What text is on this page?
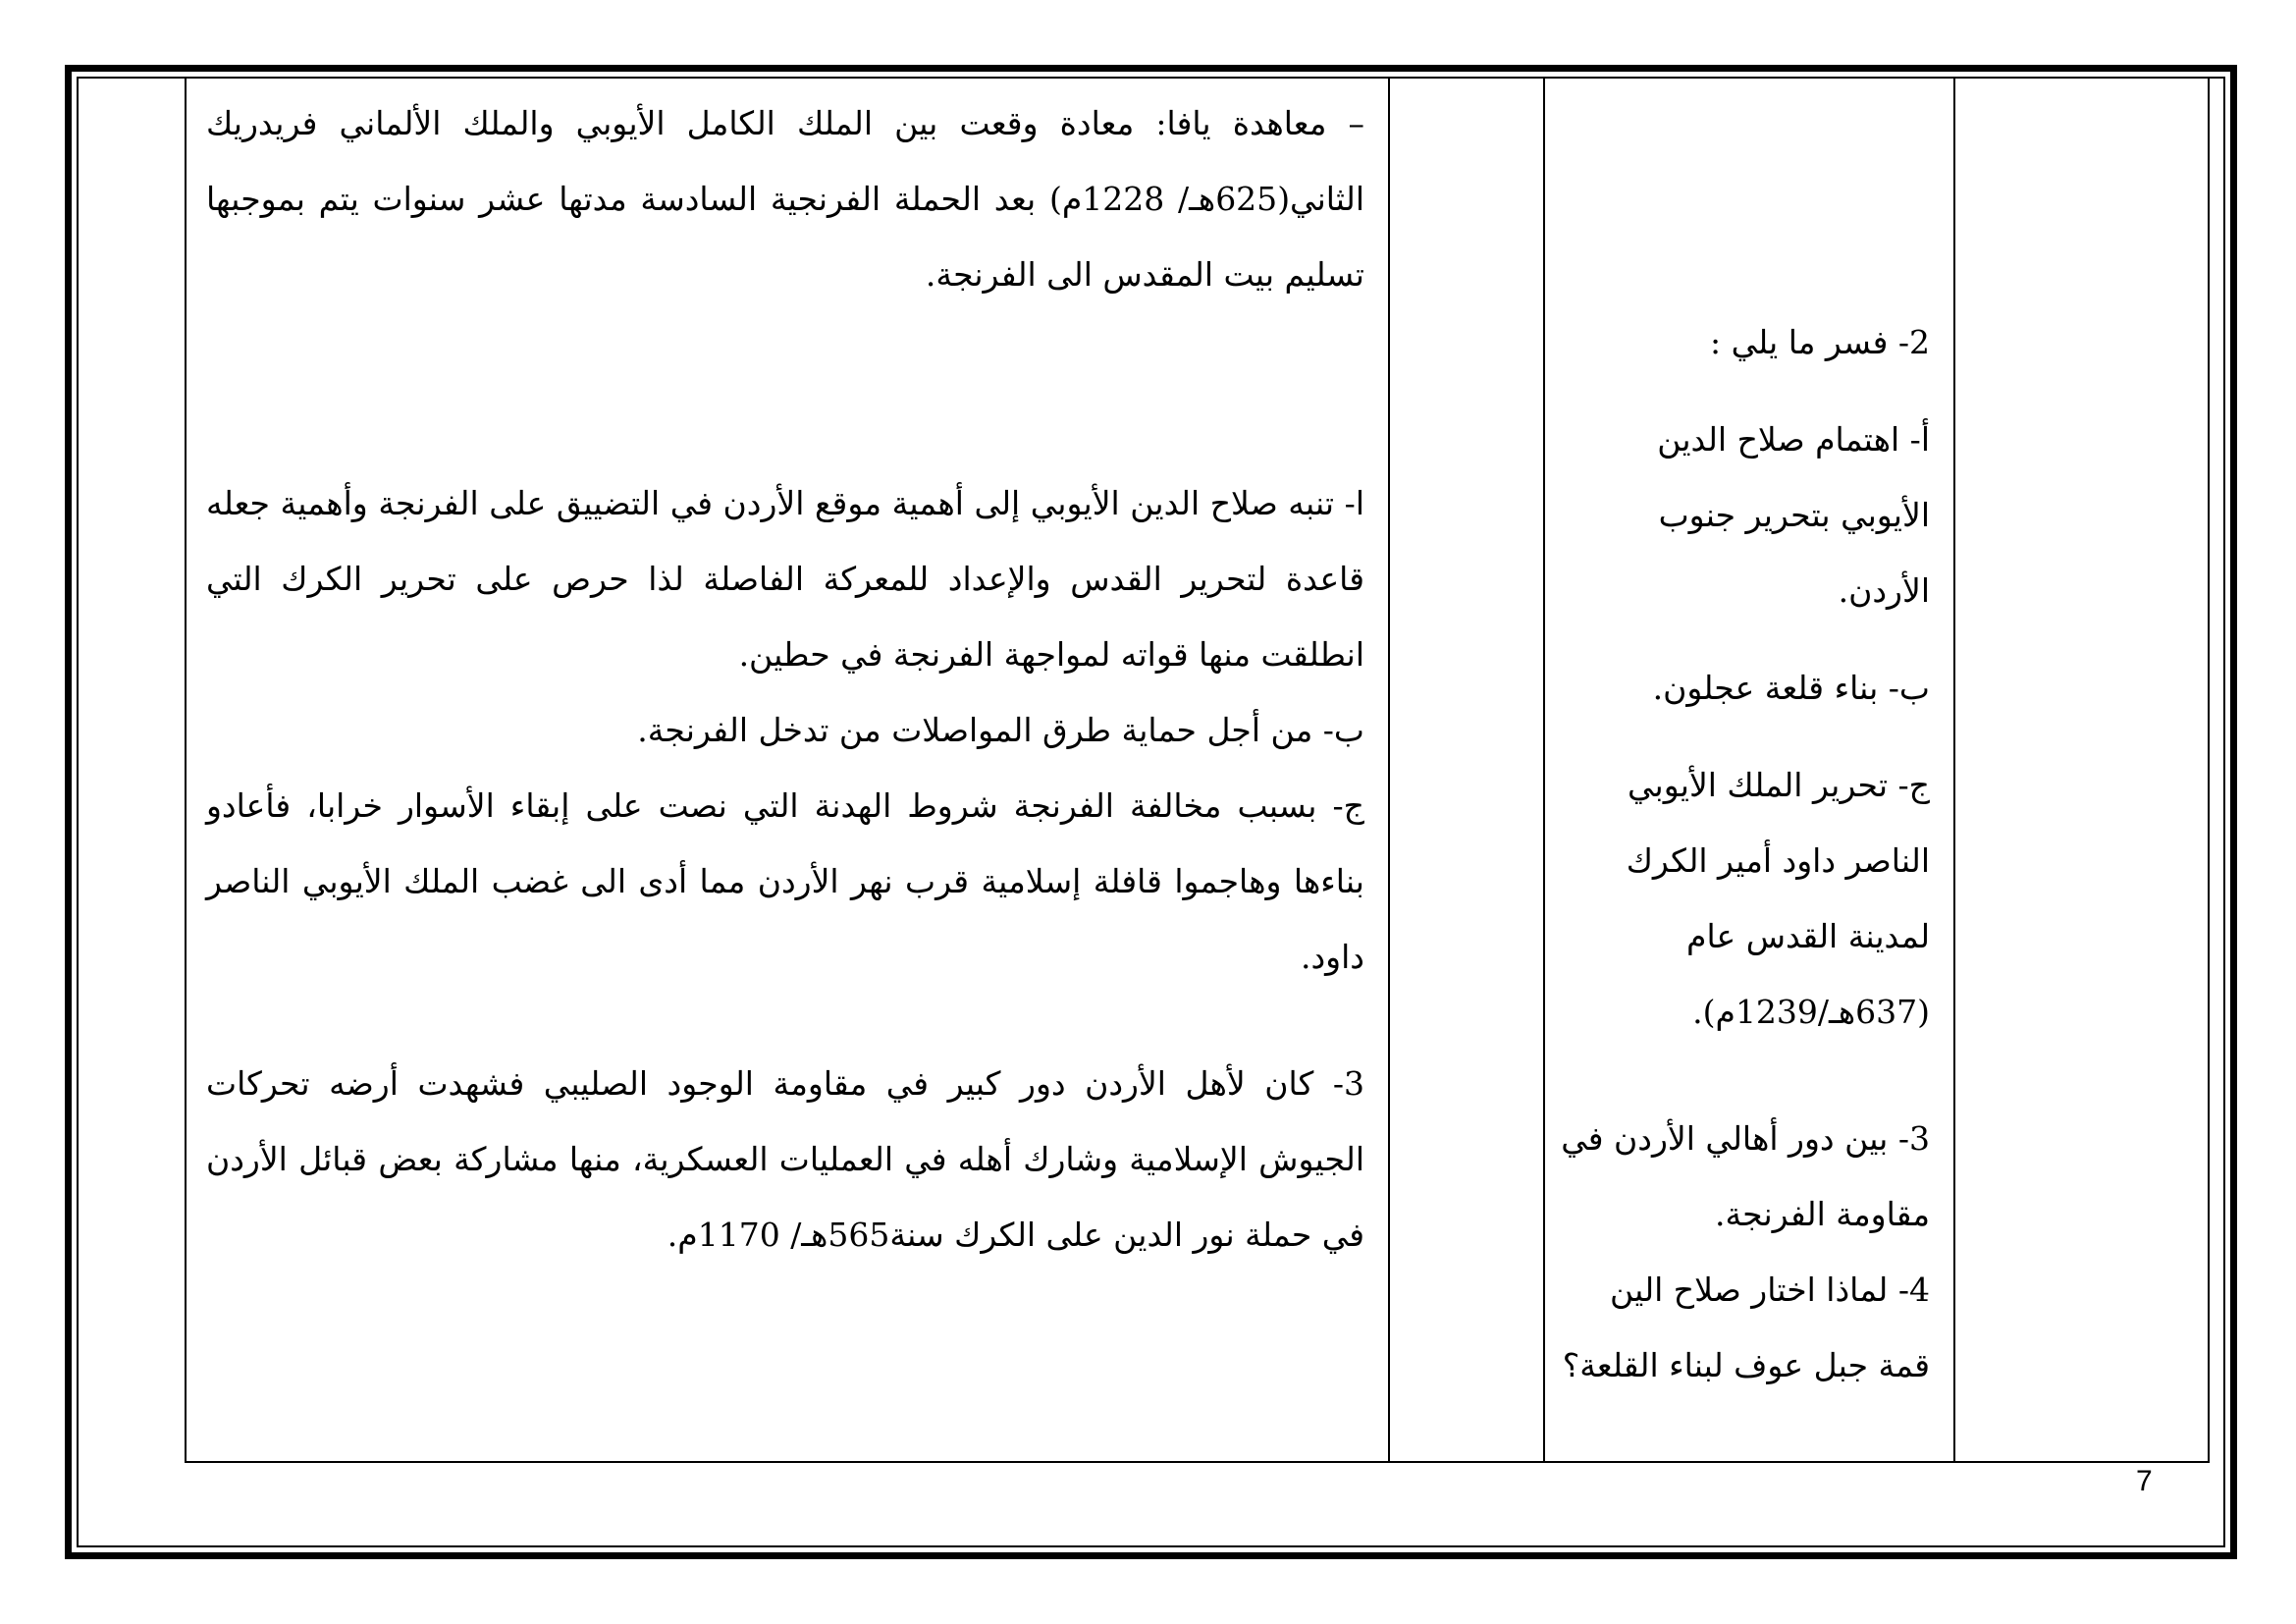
– معاهدة يافا: معادة وقعت بين الملك الكامل الأيوبي والملك الألماني فريدريك الثاني(625هـ/ 1228م) بعد الحملة الفرنجية السادسة مدتها عشر سنوات يتم بموجبها تسليم بيت المقدس الى الفرنجة.

ا- تنبه صلاح الدين الأيوبي إلى أهمية موقع الأردن في التضييق على الفرنجة وأهمية جعله قاعدة لتحرير القدس والإعداد للمعركة الفاصلة لذا حرص على تحرير الكرك التي انطلقت منها قواته لمواجهة الفرنجة في حطين.

ب- من أجل حماية طرق المواصلات من تدخل الفرنجة.

ج- بسبب مخالفة الفرنجة شروط الهدنة التي نصت على إبقاء الأسوار خرابا، فأعادو بناءها وهاجموا قافلة إسلامية قرب نهر الأردن مما أدى الى غضب الملك الأيوبي الناصر داود.

3- كان لأهل الأردن دور كبير في مقاومة الوجود الصليبي فشهدت أرضه تحركات الجيوش الإسلامية وشارك أهله في العمليات العسكرية، منها مشاركة بعض قبائل الأردن في حملة نور الدين على الكرك سنة565هـ/ 1170م.

2- فسر ما يلي :

أ- اهتمام صلاح الدين الأيوبي بتحرير جنوب الأردن.

ب- بناء قلعة عجلون.

ج- تحرير الملك الأيوبي الناصر داود أمير الكرك لمدينة القدس عام (637هـ/1239م).

3- بين دور أهالي الأردن في مقاومة الفرنجة.

4- لماذا اختار صلاح الين قمة جبل عوف لبناء القلعة؟

7
